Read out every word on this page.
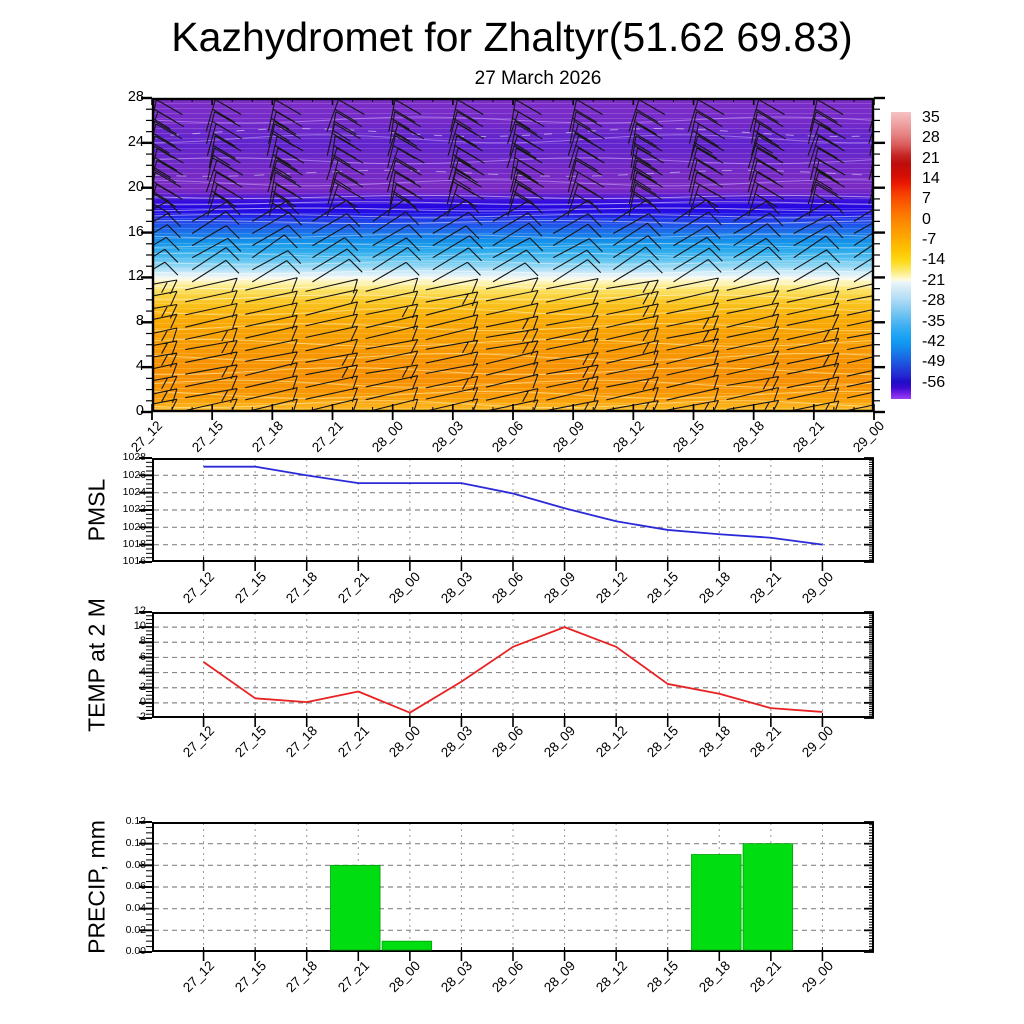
Kazhydromet for Zhaltyr(51.62 69.83)
27 March 2026
PMSL
TEMP at 2 M
PRECIP, mm
35
28
21
14
7
0
-7
-14
-21
-28
-35
-42
-49
-56
27_12 27_15 27_18 27_21 28_00 28_03 28_06 28_09 28_12 28_15 28_18 28_21 29_00
27_12 27_15 27_18 27_21 28_00 28_03 28_06 28_09 28_12 28_15 28_18 28_21 29_00
27_12 27_15 27_18 27_21 28_00 28_03 28_06 28_09 28_12 28_15 28_18 28_21 29_00
27_12 27_15 27_18 27_21 28_00 28_03 28_06 28_09 28_12 28_15 28_18 28_21 29_00
0
4
8
12
16
20
24
28
1028
1026
1024
1022
1020
1018
1016
12
10
8
6
4
2
0
-2
0.12
0.10
0.08
0.06
0.04
0.02
0.00
